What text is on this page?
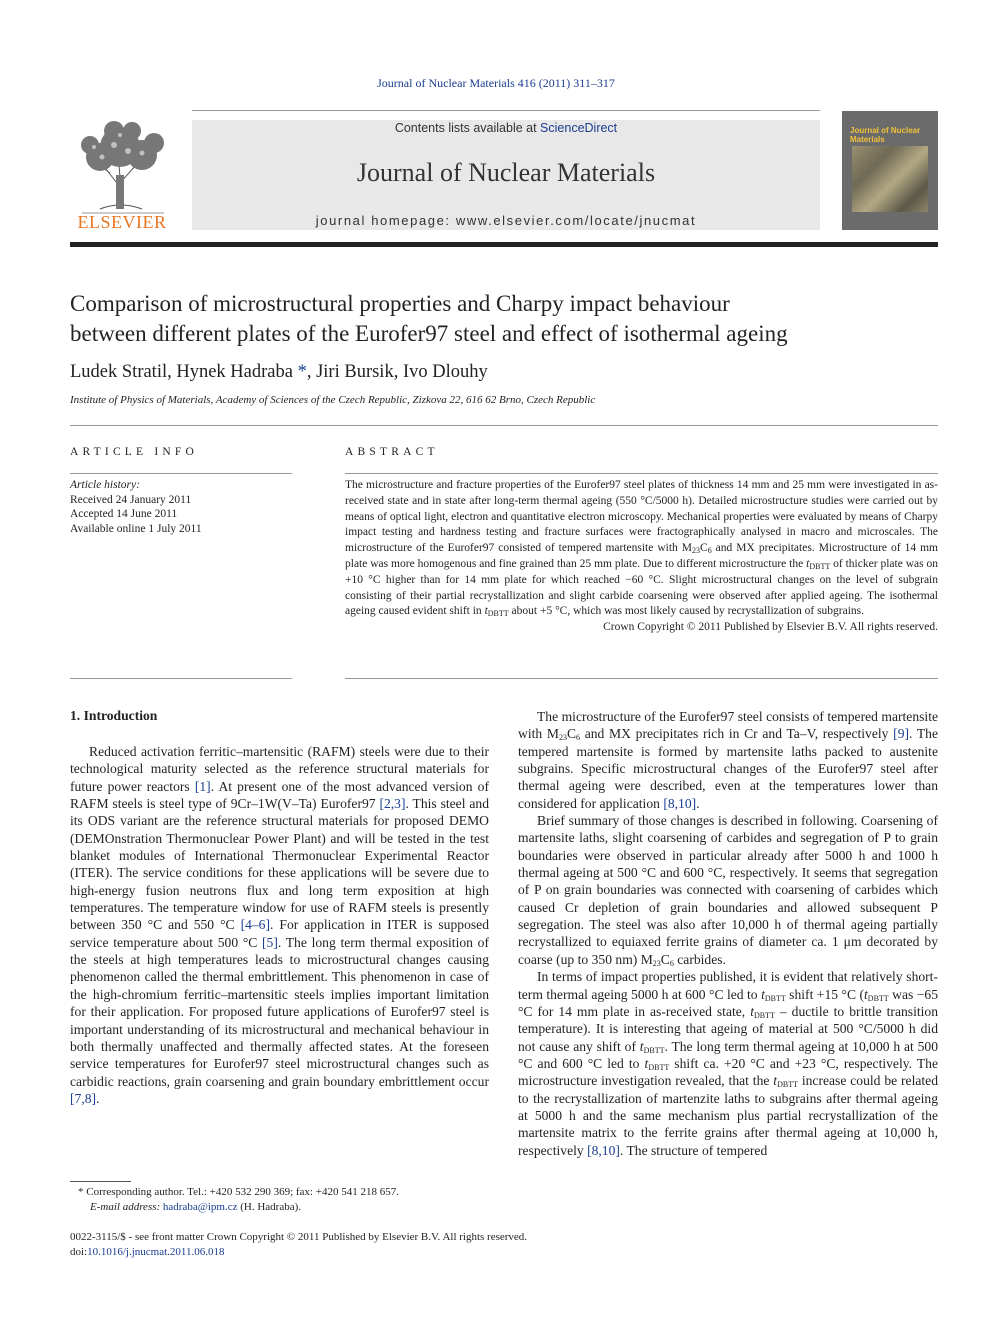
Journal of Nuclear Materials 416 (2011) 311–317
ELSEVIER
Contents lists available at ScienceDirect
Journal of Nuclear Materials
journal homepage: www.elsevier.com/locate/jnucmat
Journal of Nuclear Materials
Comparison of microstructural properties and Charpy impact behaviour
between different plates of the Eurofer97 steel and effect of isothermal ageing
Ludek Stratil, Hynek Hadraba *, Jiri Bursik, Ivo Dlouhy
Institute of Physics of Materials, Academy of Sciences of the Czech Republic, Zizkova 22, 616 62 Brno, Czech Republic
ARTICLE INFO
Article history:
Received 24 January 2011
Accepted 14 June 2011
Available online 1 July 2011
ABSTRACT

The microstructure and fracture properties of the Eurofer97 steel plates of thickness 14 mm and 25 mm were investigated in as-received state and in state after long-term thermal ageing (550 °C/5000 h). Detailed microstructure studies were carried out by means of optical light, electron and quantitative electron microscopy. Mechanical properties were evaluated by means of Charpy impact testing and hardness testing and fracture surfaces were fractographically analysed in macro and microscales. The microstructure of the Eurofer97 consisted of tempered martensite with $M_{23}C_6$ and MX precipitates. Microstructure of 14 mm plate was more homogenous and fine grained than 25 mm plate. Due to different microstructure the $t_{DBTT}$ of thicker plate was on +10 °C higher than for 14 mm plate for which reached −60 °C. Slight microstructural changes on the level of subgrain consisting of their partial recrystallization and slight carbide coarsening were observed after applied ageing. The isothermal ageing caused evident shift in $t_{DBTT}$ about +5 °C, which was most likely caused by recrystallization of subgrains.

Crown Copyright © 2011 Published by Elsevier B.V. All rights reserved.

1. Introduction

Reduced activation ferritic–martensitic (RAFM) steels were due to their technological maturity selected as the reference structural materials for future power reactors [1]. At present one of the most advanced version of RAFM steels is steel type of 9Cr–1W(V–Ta) Eurofer97 [2,3]. This steel and its ODS variant are the reference structural materials for proposed DEMO (DEMOnstration Thermonuclear Power Plant) and will be tested in the test blanket modules of International Thermonuclear Experimental Reactor (ITER). The service conditions for these applications will be severe due to high-energy fusion neutrons flux and long term exposition at high temperatures. The temperature window for use of RAFM steels is presently between 350 °C and 550 °C [4–6]. For application in ITER is supposed service temperature about 500 °C [5]. The long term thermal exposition of the steels at high temperatures leads to microstructural changes causing phenomenon called the thermal embrittlement. This phenomenon in case of the high-chromium ferritic–martensitic steels implies important limitation for their application. For proposed future applications of Eurofer97 steel is important understanding of its microstructural and mechanical behaviour in both thermally unaffected and thermally affected states. At the foreseen service temperatures for Eurofer97 steel microstructural changes such as carbidic reactions, grain coarsening and grain boundary embrittlement occur [7,8].

The microstructure of the Eurofer97 steel consists of tempered martensite with $M_{23}C_6$ and MX precipitates rich in Cr and Ta–V, respectively [9]. The tempered martensite is formed by martensite laths packed to austenite subgrains. Specific microstructural changes of the Eurofer97 steel after thermal ageing were described, even at the temperatures lower than considered for application [8,10].

Brief summary of those changes is described in following. Coarsening of martensite laths, slight coarsening of carbides and segregation of P to grain boundaries were observed in particular already after 5000 h and 1000 h thermal ageing at 500 °C and 600 °C, respectively. It seems that segregation of P on grain boundaries was connected with coarsening of carbides which caused Cr depletion of grain boundaries and allowed subsequent P segregation. The steel was also after 10,000 h of thermal ageing partially recrystallized to equiaxed ferrite grains of diameter ca. 1 μm decorated by coarse (up to 350 nm) $M_{23}C_6$ carbides.

In terms of impact properties published, it is evident that relatively short-term thermal ageing 5000 h at 600 °C led to $t_{DBTT}$ shift +15 °C ($t_{DBTT}$ was −65 °C for 14 mm plate in as-received state, $t_{DBTT}$ – ductile to brittle transition temperature). It is interesting that ageing of material at 500 °C/5000 h did not cause any shift of $t_{DBTT}$. The long term thermal ageing at 10,000 h at 500 °C and 600 °C led to $t_{DBTT}$ shift ca. +20 °C and +23 °C, respectively. The microstructure investigation revealed, that the $t_{DBTT}$ increase could be related to the recrystallization of martenzite laths to subgrains after thermal ageing at 5000 h and the same mechanism plus partial recrystallization of the martensite matrix to the ferrite grains after thermal ageing at 10,000 h, respectively [8,10]. The structure of tempered

* Corresponding author. Tel.: +420 532 290 369; fax: +420 541 218 657.
E-mail address: hadraba@ipm.cz (H. Hadraba).
0022-3115/$ - see front matter Crown Copyright © 2011 Published by Elsevier B.V. All rights reserved.
doi:10.1016/j.jnucmat.2011.06.018
